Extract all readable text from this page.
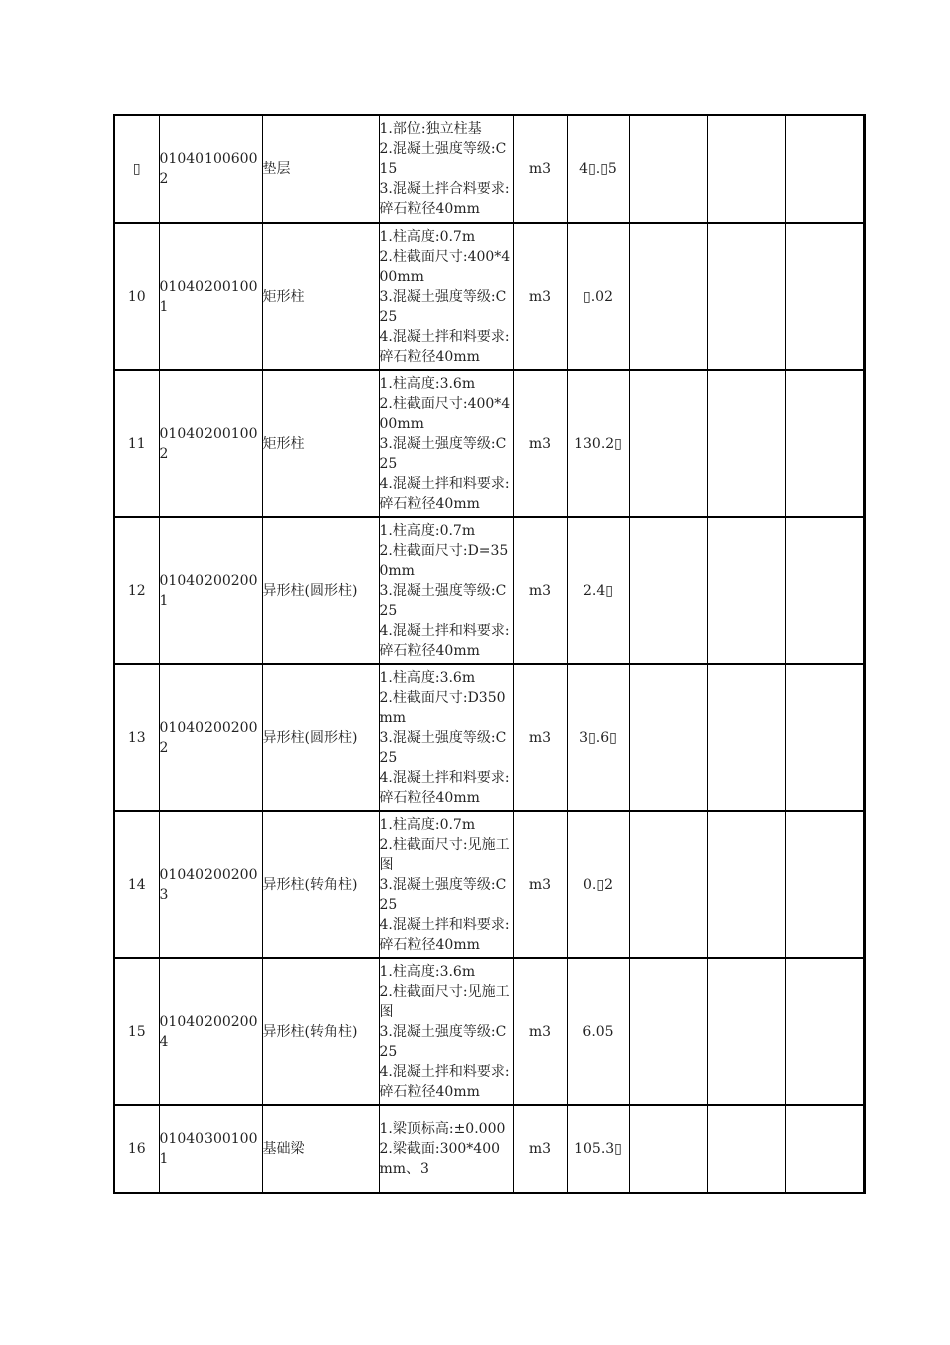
▯	010401006002	垫层	1.部位:独立柱基
2.混凝土强度等级:C15
3.混凝土拌合料要求:碎石粒径40mm	m3	4▯.▯5			
10	010402001001	矩形柱	1.柱高度:0.7m
2.柱截面尺寸:400*400mm
3.混凝土强度等级:C25
4.混凝土拌和料要求:碎石粒径40mm	m3	▯.02			
11	010402001002	矩形柱	1.柱高度:3.6m
2.柱截面尺寸:400*400mm
3.混凝土强度等级:C25
4.混凝土拌和料要求:碎石粒径40mm	m3	130.2▯			
12	010402002001	异形柱(圆形柱)	1.柱高度:0.7m
2.柱截面尺寸:D=350mm
3.混凝土强度等级:C25
4.混凝土拌和料要求:碎石粒径40mm	m3	2.4▯			
13	010402002002	异形柱(圆形柱)	1.柱高度:3.6m
2.柱截面尺寸:D350mm
3.混凝土强度等级:C25
4.混凝土拌和料要求:碎石粒径40mm	m3	3▯.6▯			
14	010402002003	异形柱(转角柱)	1.柱高度:0.7m
2.柱截面尺寸:见施工图
3.混凝土强度等级:C25
4.混凝土拌和料要求:碎石粒径40mm	m3	0.▯2			
15	010402002004	异形柱(转角柱)	1.柱高度:3.6m
2.柱截面尺寸:见施工图
3.混凝土强度等级:C25
4.混凝土拌和料要求:碎石粒径40mm	m3	6.05			
16	010403001001	基础梁	1.梁顶标高:±0.000
2.梁截面:300*400mm、3	m3	105.3▯			
